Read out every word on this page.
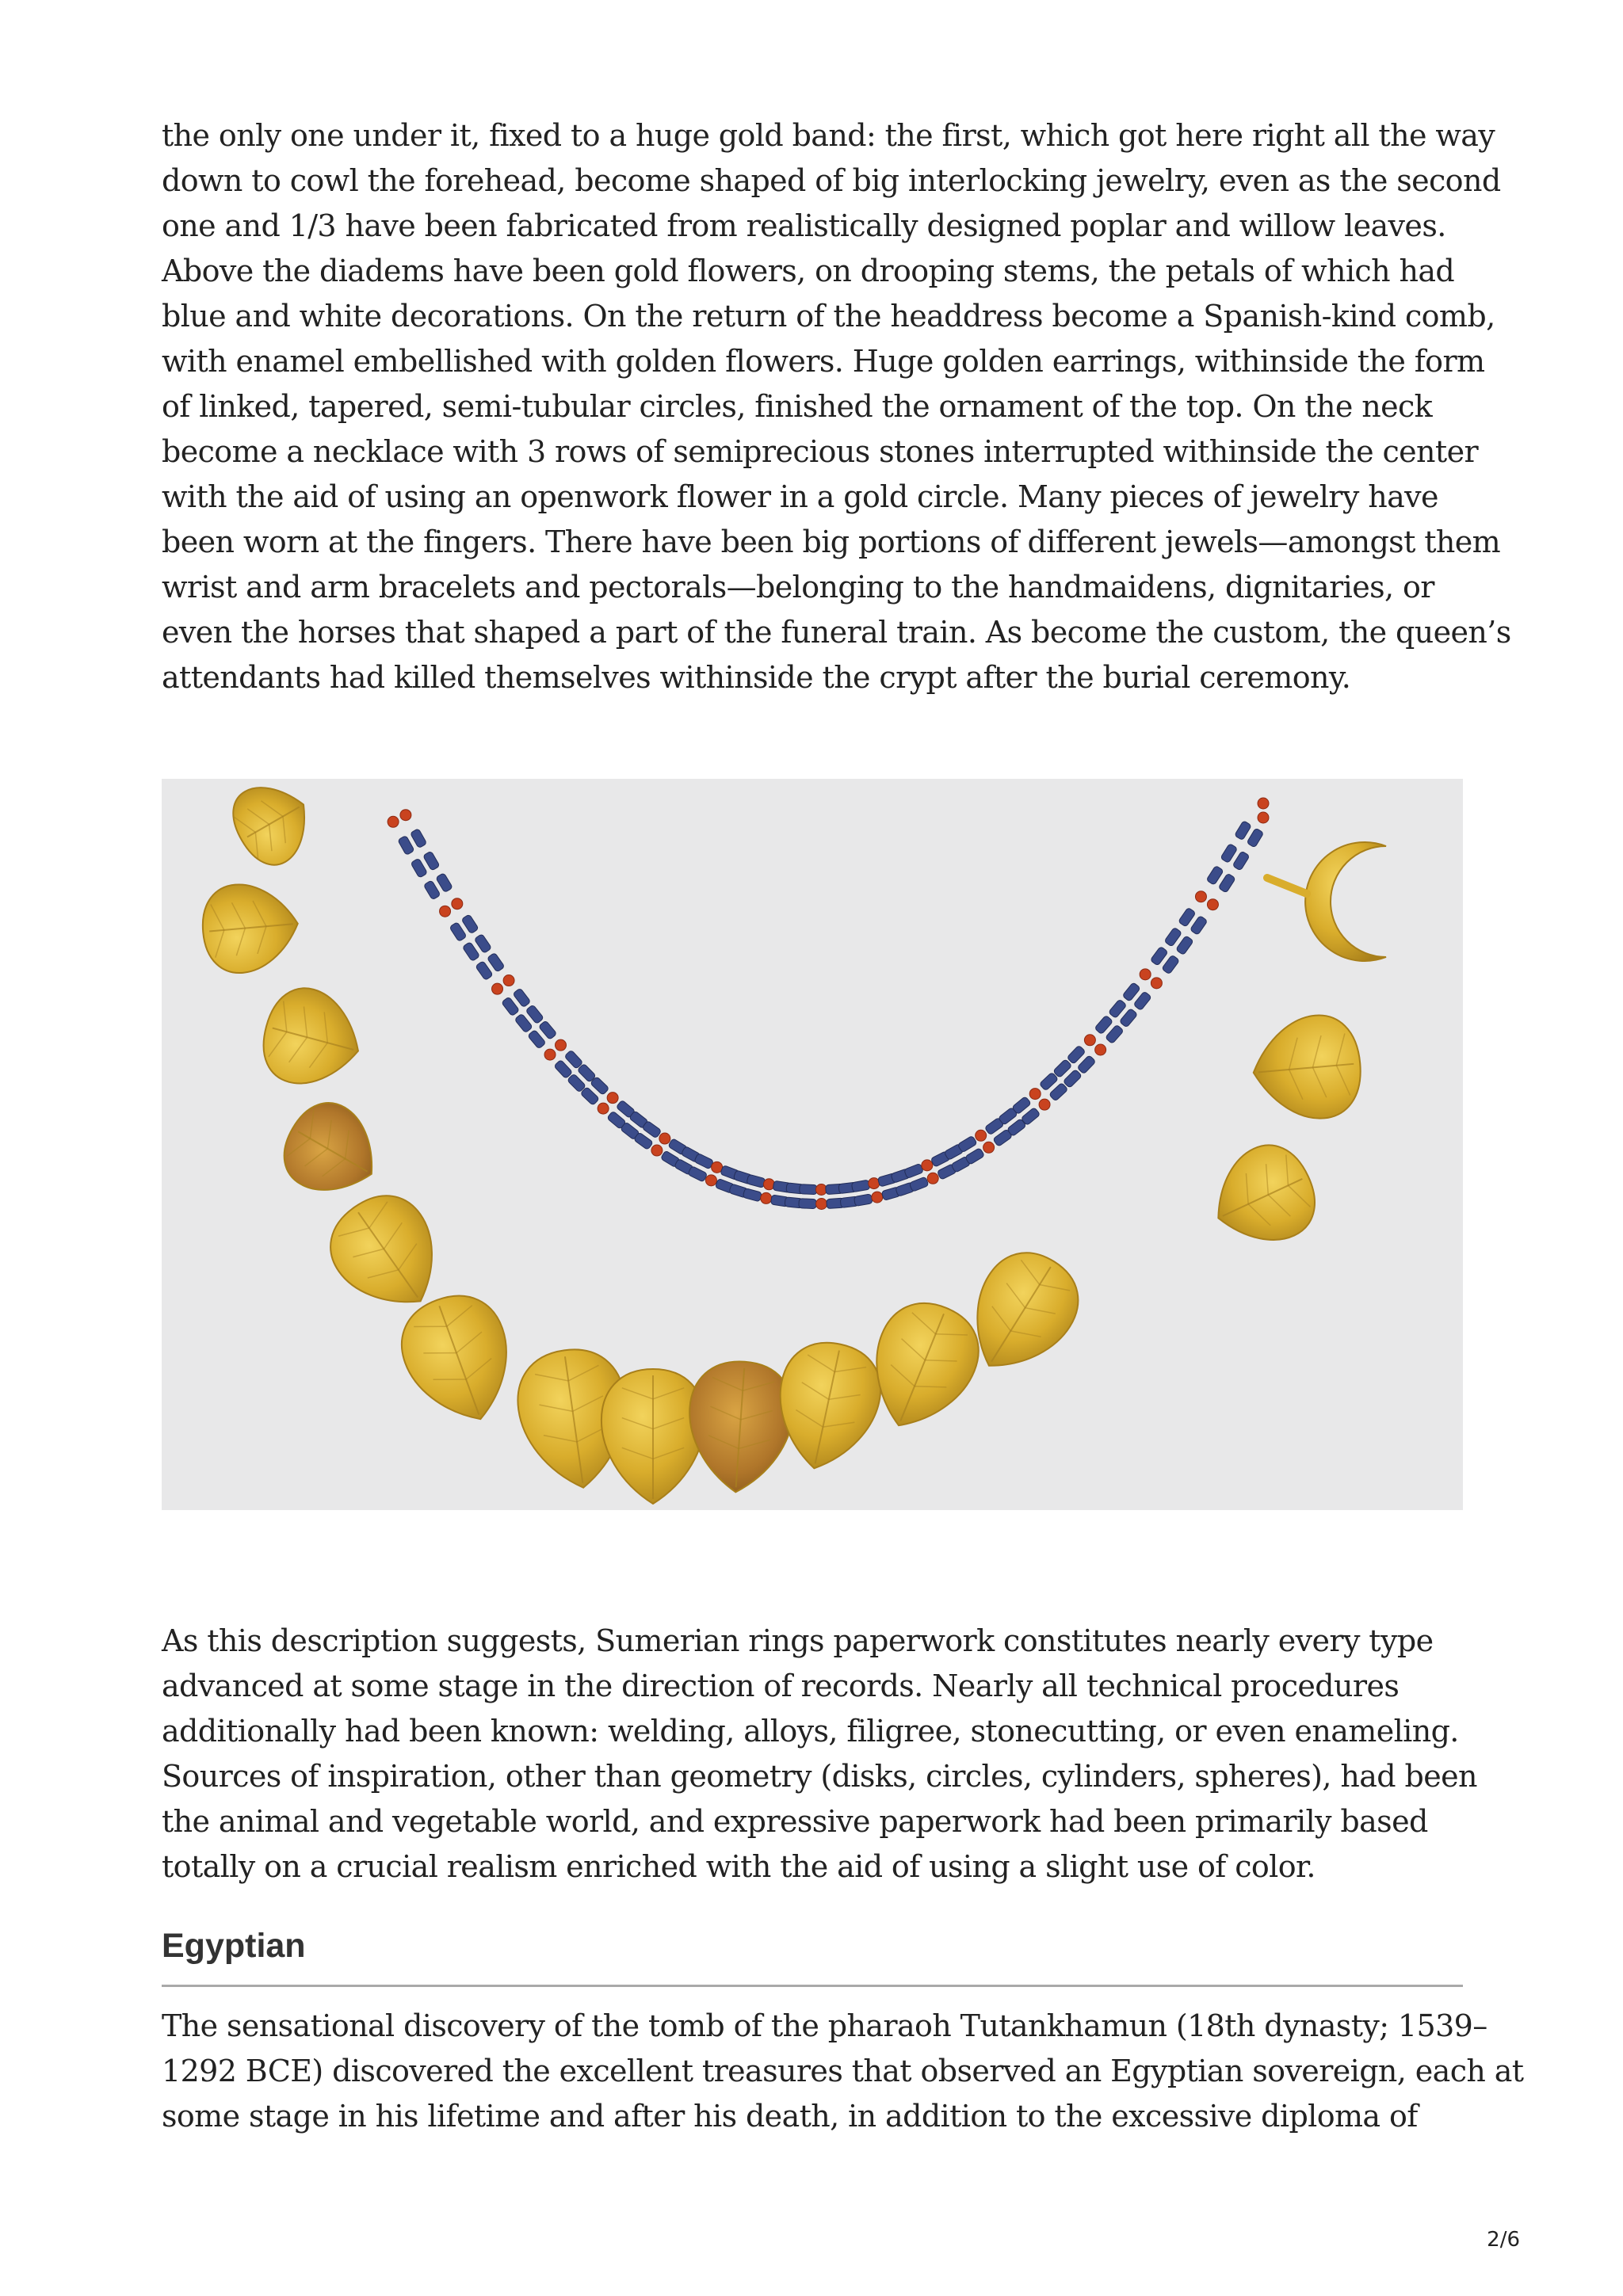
the only one under it, fixed to a huge gold band: the first, which got here right all the way
down to cowl the forehead, become shaped of big interlocking jewelry, even as the second
one and 1/3 have been fabricated from realistically designed poplar and willow leaves.
Above the diadems have been gold flowers, on drooping stems, the petals of which had
blue and white decorations. On the return of the headdress become a Spanish-kind comb,
with enamel embellished with golden flowers. Huge golden earrings, withinside the form
of linked, tapered, semi-tubular circles, finished the ornament of the top. On the neck
become a necklace with 3 rows of semiprecious stones interrupted withinside the center
with the aid of using an openwork flower in a gold circle. Many pieces of jewelry have
been worn at the fingers. There have been big portions of different jewels—amongst them
wrist and arm bracelets and pectorals—belonging to the handmaidens, dignitaries, or
even the horses that shaped a part of the funeral train. As become the custom, the queen’s
attendants had killed themselves withinside the crypt after the burial ceremony.

As this description suggests, Sumerian rings paperwork constitutes nearly every type
advanced at some stage in the direction of records. Nearly all technical procedures
additionally had been known: welding, alloys, filigree, stonecutting, or even enameling.
Sources of inspiration, other than geometry (disks, circles, cylinders, spheres), had been
the animal and vegetable world, and expressive paperwork had been primarily based
totally on a crucial realism enriched with the aid of using a slight use of color.

Egyptian

The sensational discovery of the tomb of the pharaoh Tutankhamun (18th dynasty; 1539–
1292 BCE) discovered the excellent treasures that observed an Egyptian sovereign, each at
some stage in his lifetime and after his death, in addition to the excessive diploma of

2/6
